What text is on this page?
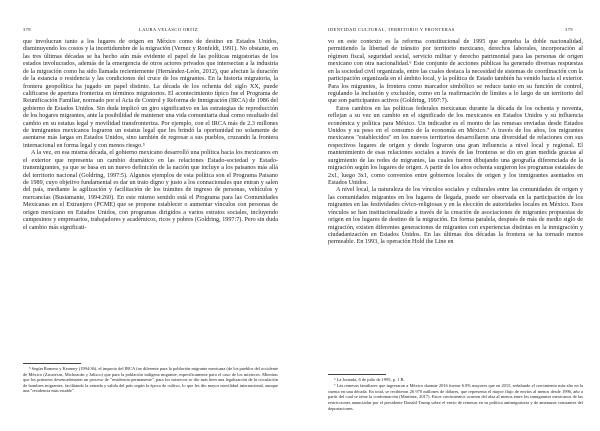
378	LAURA VELASCO ORTIZ

que involucran tanto a los lugares de origen en México como de destino en Estados Unidos, disminuyendo los costos y la incertidumbre de la migración (Vernez y Ronfeldt, 1991). No obstante, en las tres últimas décadas se ha hecho aún más evidente el papel de las políticas migratorias de los estados involucrados, además de la emergencia de otros actores privados que intersectan a la industria de la migración como ha sido llamada recientemente (Hernández-León, 2012), que afectan la duración de la estancia o residencia y las condiciones del cruce de los migrantes. En la historia migratoria, la frontera geopolítica ha jugado un papel distinto. La década de los ochenta del siglo XX, puede calificarse de apertura fronteriza en términos migratorios. El acontecimiento típico fue el Programa de Reunificación Familiar, normado por el Acta de Control y Reforma de Inmigración (IRCA) de 1986 del gobierno de Estados Unidos. Sin duda implicó un giro significativo en las estrategias de reproducción de los hogares migrantes, ante la posibilidad de mantener una vida comunitaria dual como resultado del cambio en su estatus legal y movilidad transfronteriza. Por ejemplo, con el IRCA más de 2.3 millones de inmigrantes mexicanos lograron un estatus legal que les brindó la oportunidad no solamente de asentarse más largas en Estados Unidos, sino también de regresar a sus pueblos, cruzando la frontera internacional en forma legal y con menos riesgo.⁵

A la vez, en esa misma década, el gobierno mexicano desarrolló una política hacia los mexicanos en el exterior que representa un cambio dramático en las relaciones Estado-sociedad y Estado-transmigrantes, ya que se basa en un nuevo definición de la nación que incluye a los paisanos más allá del territorio nacional (Goldring, 1997:5). Algunos ejemplos de esta política son el Programa Paisano de 1989, cuyo objetivo fundamental es dar un trato digno y justo a los connacionales que entran y salen del país, mediante la agilización y facilitación de los trámites de ingreso de personas, vehículos y mercancías (Bustamante, 1994:260). En este mismo sentido está el Programa para las Comunidades Mexicanas en el Extranjero (PCME) que se propone establecer o aumentar vínculos con personas de origen mexicano en Estados Unidos, con programas dirigidos a varios estratos sociales, incluyendo campesinos y empresarios, trabajadores y académicos, ricos y pobres (Goldring, 1997:7). Pero sin duda el cambio más significati-

⁵ Según Romero y Kearney (1994:36), el impacto del IRCA fue diferente para la población migrante mexicana (de los pueblos del occidente de México (Zacatecas, Michoacán y Jalisco) que para la población indígena migrante, específicamente para el caso de los mixtecos. Mientras que los primeros desencadenaron un proceso de "residencia permanente", para los mixtecos se dio más bien una legalización de la circulación de hombres migrantes, facilitando la entrada y salida del país según la época de cultivo, lo que les dio mayor movilidad internacional, aunque una "residencia más estable".

IDENTIDAD CULTURAL, TERRITORIO Y FRONTERAS	379

vo en este contexto es la reforma constitucional de 1995 que aprueba la doble nacionalidad, permitiendo la libertad de tránsito por territorio mexicano, derechos laborales, incorporación al régimen fiscal, seguridad social, servicio militar y derecho patrimonial para las personas de origen mexicano con otra nacionalidad.⁶ Este conjunto de acciones públicas ha generado diversas respuestas en la sociedad civil organizada, entre las cuales destaca la necesidad de sistemas de coordinación con la participación organizada en el ámbito local, y la política de Estado también ha venido hacia el exterior. Para los migrantes, la frontera como marcador simbólico se reduce tanto en su función de control, regulando la inclusión y exclusión, como en la reafirmación de límites a lo largo de un territorio del que son participantes activos (Goldring, 1997:7).

Estos cambios en las políticas federales mexicanas durante la década de los ochenta y noventa, reflejan a su vez un cambio en el significado de los mexicanos en Estados Unidos y su influencia económica y política para México. Un indicador es el monto de las remesas enviadas desde Estados Unidos y su peso en el consumo de la economía en México.⁷ A través de los años, los migrantes mexicanos "establecidos" en los nuevos territorios desarrollaron una diversidad de relaciones con sus respectivos lugares de origen y donde lograron una gran influencia a nivel local y regional. El mantenimiento de esas relaciones sociales a través de las fronteras se dio en gran medida gracias al surgimiento de las redes de migrantes, las cuales fueron dibujando una geografía diferenciada de la migración según los lugares de origen. A partir de los años ochenta surgieron los programas estatales de 2x1, luego 3x1, como convenios entre gobiernos locales de origen y los inmigrantes asentados en Estados Unidos.

A nivel local, la naturaleza de los vínculos sociales y culturales entre las comunidades de origen y las comunidades migrantes en los lugares de llegada, puede ser observada en la participación de los migrantes en las festividades cívico-religiosas y en la elección de autoridades locales en México. Esos vínculos se han institucionalizado a través de la creación de asociaciones de migrantes propuestas de origen en los lugares de destino de la migración. En forma paralela, después de más de medio siglo de migración, existen diferentes generaciones de migrantes con experiencias distintas en la inmigración y ciudadanización en Estados Unidos. En las últimas dos décadas la frontera se ha tornado menos permeable. En 1993, la operación Hold the Line en

⁶ La Jornada, 6 de julio de 1995, p. 1 B.

⁷ Las remesas familiares que ingresaron a México durante 2016 fueron 6.9% mayores que en 2015, señalando el crecimiento más alto en la cuenta en una década. En total, se recibieron 26 970 millones de dólares, que representa el mayor flujo de envíos al menos desde 1996, año a partir del cual se tiene la conformación (Martínez, 2017). Estos crecimientos ocurren del alza al menos entre los inmigrantes mexicanos de las restricciones anunciadas por el presidente Donald Trump sobre el envío de remesas en su política antimigratoria y de amenazas constantes del deportaciones.
